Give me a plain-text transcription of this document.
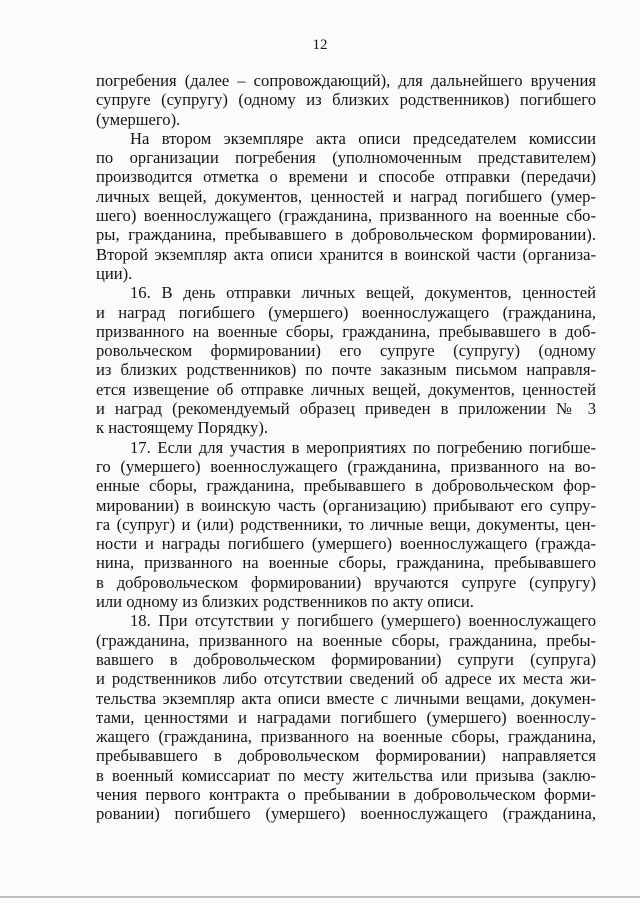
12
погребения (далее – сопровождающий), для дальнейшего вручения
супруге (супругу) (одному из близких родственников) погибшего
(умершего).
На втором экземпляре акта описи председателем комиссии
по организации погребения (уполномоченным представителем)
производится отметка о времени и способе отправки (передачи)
личных вещей, документов, ценностей и наград погибшего (умер-
шего) военнослужащего (гражданина, призванного на военные сбо-
ры, гражданина, пребывавшего в добровольческом формировании).
Второй экземпляр акта описи хранится в воинской части (организа-
ции).
16. В день отправки личных вещей, документов, ценностей
и наград погибшего (умершего) военнослужащего (гражданина,
призванного на военные сборы, гражданина, пребывавшего в доб-
ровольческом формировании) его супруге (супругу) (одному
из близких родственников) по почте заказным письмом направля-
ется извещение об отправке личных вещей, документов, ценностей
и наград (рекомендуемый образец приведен в приложении № 3
к настоящему Порядку).
17. Если для участия в мероприятиях по погребению погибше-
го (умершего) военнослужащего (гражданина, призванного на во-
енные сборы, гражданина, пребывавшего в добровольческом фор-
мировании) в воинскую часть (организацию) прибывают его супру-
га (супруг) и (или) родственники, то личные вещи, документы, цен-
ности и награды погибшего (умершего) военнослужащего (гражда-
нина, призванного на военные сборы, гражданина, пребывавшего
в добровольческом формировании) вручаются супруге (супругу)
или одному из близких родственников по акту описи.
18. При отсутствии у погибшего (умершего) военнослужащего
(гражданина, призванного на военные сборы, гражданина, пребы-
вавшего в добровольческом формировании) супруги (супруга)
и родственников либо отсутствии сведений об адресе их места жи-
тельства экземпляр акта описи вместе с личными вещами, докумен-
тами, ценностями и наградами погибшего (умершего) военнослу-
жащего (гражданина, призванного на военные сборы, гражданина,
пребывавшего в добровольческом формировании) направляется
в военный комиссариат по месту жительства или призыва (заклю-
чения первого контракта о пребывании в добровольческом форми-
ровании) погибшего (умершего) военнослужащего (гражданина,
